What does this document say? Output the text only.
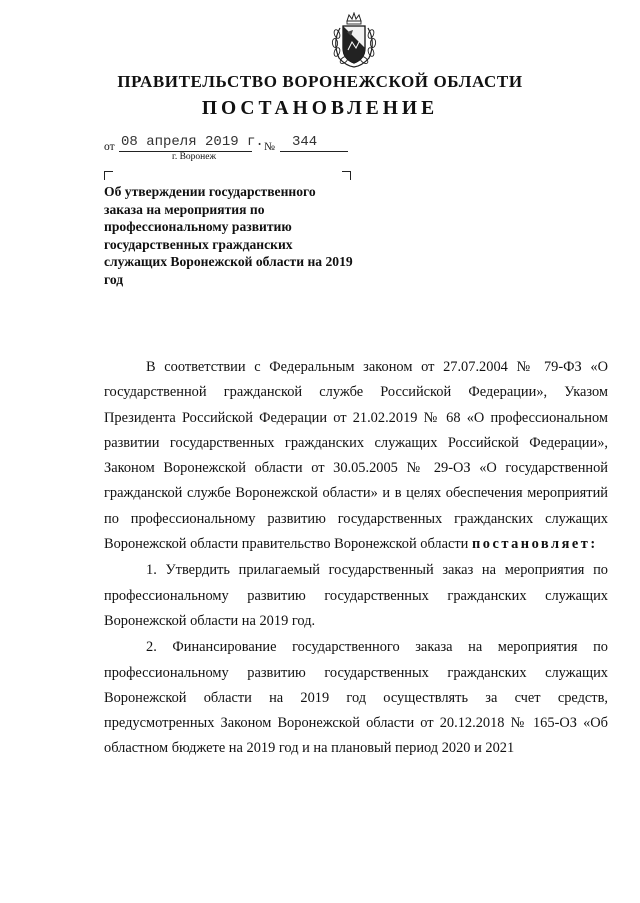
ПРАВИТЕЛЬСТВО ВОРОНЕЖСКОЙ ОБЛАСТИ
ПОСТАНОВЛЕНИЕ
от 08 апреля 2019 г. № 344
г. Воронеж
Об утверждении государственного заказа на мероприятия по профессиональному развитию государственных гражданских служащих Воронежской области на 2019 год

В соответствии с Федеральным законом от 27.07.2004 № 79-ФЗ «О государственной гражданской службе Российской Федерации», Указом Президента Российской Федерации от 21.02.2019 № 68 «О профессиональном развитии государственных гражданских служащих Российской Федерации», Законом Воронежской области от 30.05.2005 № 29-ОЗ «О государственной гражданской службе Воронежской области» и в целях обеспечения мероприятий по профессиональному развитию государственных гражданских служащих Воронежской области правительство Воронежской области постановляет:

1. Утвердить прилагаемый государственный заказ на мероприятия по профессиональному развитию государственных гражданских служащих Воронежской области на 2019 год.

2. Финансирование государственного заказа на мероприятия по профессиональному развитию государственных гражданских служащих Воронежской области на 2019 год осуществлять за счет средств, предусмотренных Законом Воронежской области от 20.12.2018 № 165-ОЗ «Об областном бюджете на 2019 год и на плановый период 2020 и 2021
